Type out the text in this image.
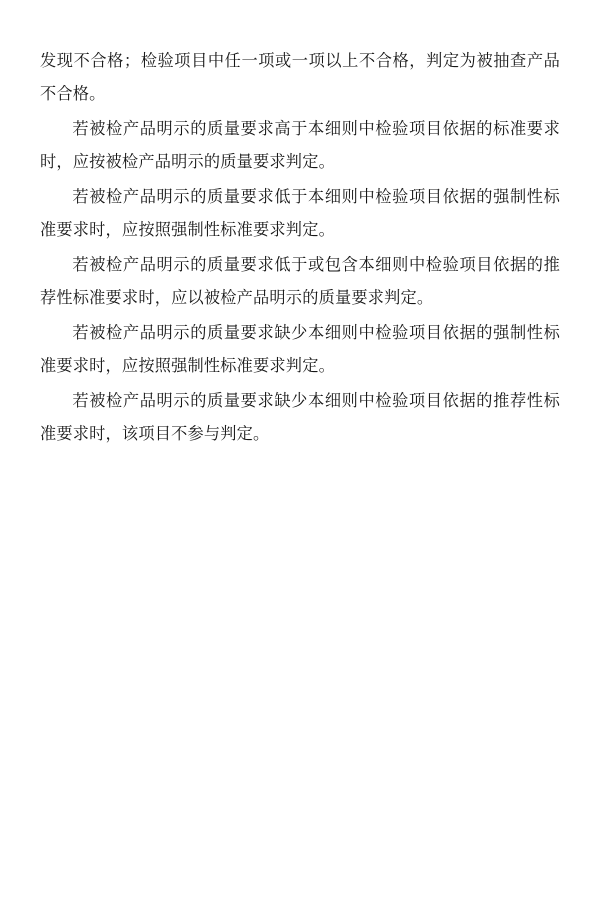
发现不合格；检验项目中任一项或一项以上不合格，判定为被抽查产品不合格。

若被检产品明示的质量要求高于本细则中检验项目依据的标准要求时，应按被检产品明示的质量要求判定。

若被检产品明示的质量要求低于本细则中检验项目依据的强制性标准要求时，应按照强制性标准要求判定。

若被检产品明示的质量要求低于或包含本细则中检验项目依据的推荐性标准要求时，应以被检产品明示的质量要求判定。

若被检产品明示的质量要求缺少本细则中检验项目依据的强制性标准要求时，应按照强制性标准要求判定。

若被检产品明示的质量要求缺少本细则中检验项目依据的推荐性标准要求时，该项目不参与判定。
